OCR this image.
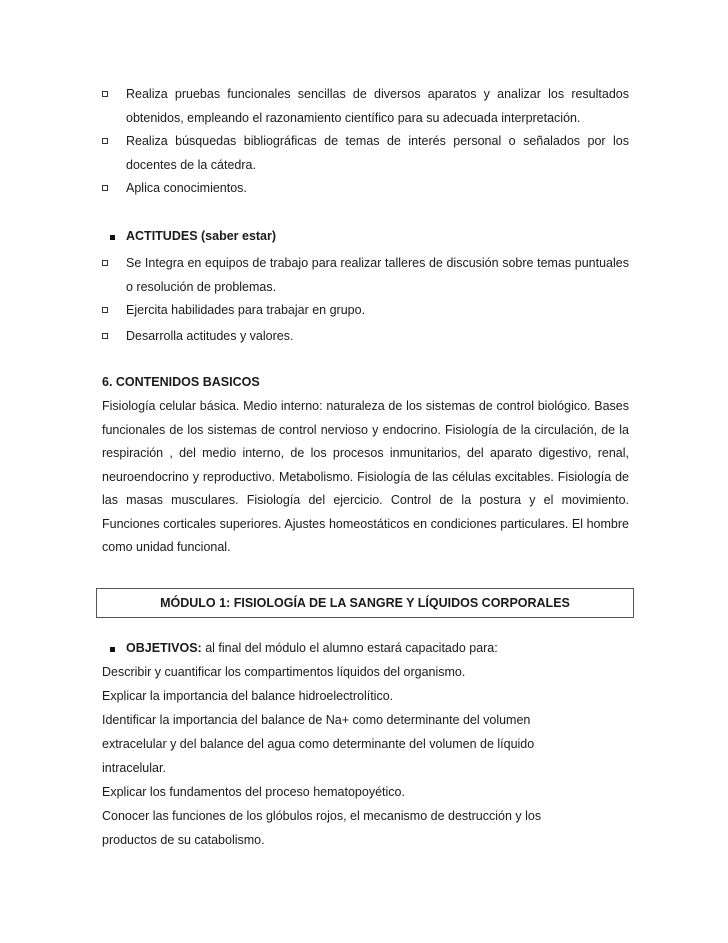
Realiza pruebas funcionales sencillas de diversos aparatos y analizar los resultados obtenidos, empleando el razonamiento científico para su adecuada interpretación.
Realiza búsquedas bibliográficas de temas de interés personal o señalados por los docentes de la cátedra.
Aplica conocimientos.
ACTITUDES (saber estar)
Se Integra en equipos de trabajo para realizar talleres de discusión sobre temas puntuales o resolución de problemas.
Ejercita habilidades para trabajar en grupo.
Desarrolla actitudes y valores.
6. CONTENIDOS BASICOS
Fisiología celular básica. Medio interno: naturaleza de los sistemas de control biológico. Bases funcionales de los sistemas de control nervioso y endocrino. Fisiología de la circulación, de la respiración , del medio interno, de los procesos inmunitarios, del aparato digestivo, renal, neuroendocrino y reproductivo. Metabolismo. Fisiología de las células excitables. Fisiología de las masas musculares. Fisiología del ejercicio. Control de la postura y el movimiento. Funciones corticales superiores. Ajustes homeostáticos en condiciones particulares. El hombre como unidad funcional.
MÓDULO 1: FISIOLOGÍA DE LA SANGRE Y LÍQUIDOS CORPORALES
OBJETIVOS: al final del módulo el alumno estará capacitado para:
Describir y cuantificar los compartimentos líquidos del organismo.
Explicar la importancia del balance hidroelectrolítico.
Identificar la importancia del balance de Na+ como determinante del volumen
extracelular y del balance del agua como determinante del volumen de líquido
intracelular.
Explicar los fundamentos del proceso hematopoyético.
Conocer las funciones de los glóbulos rojos, el mecanismo de destrucción y los
productos de su catabolismo.
